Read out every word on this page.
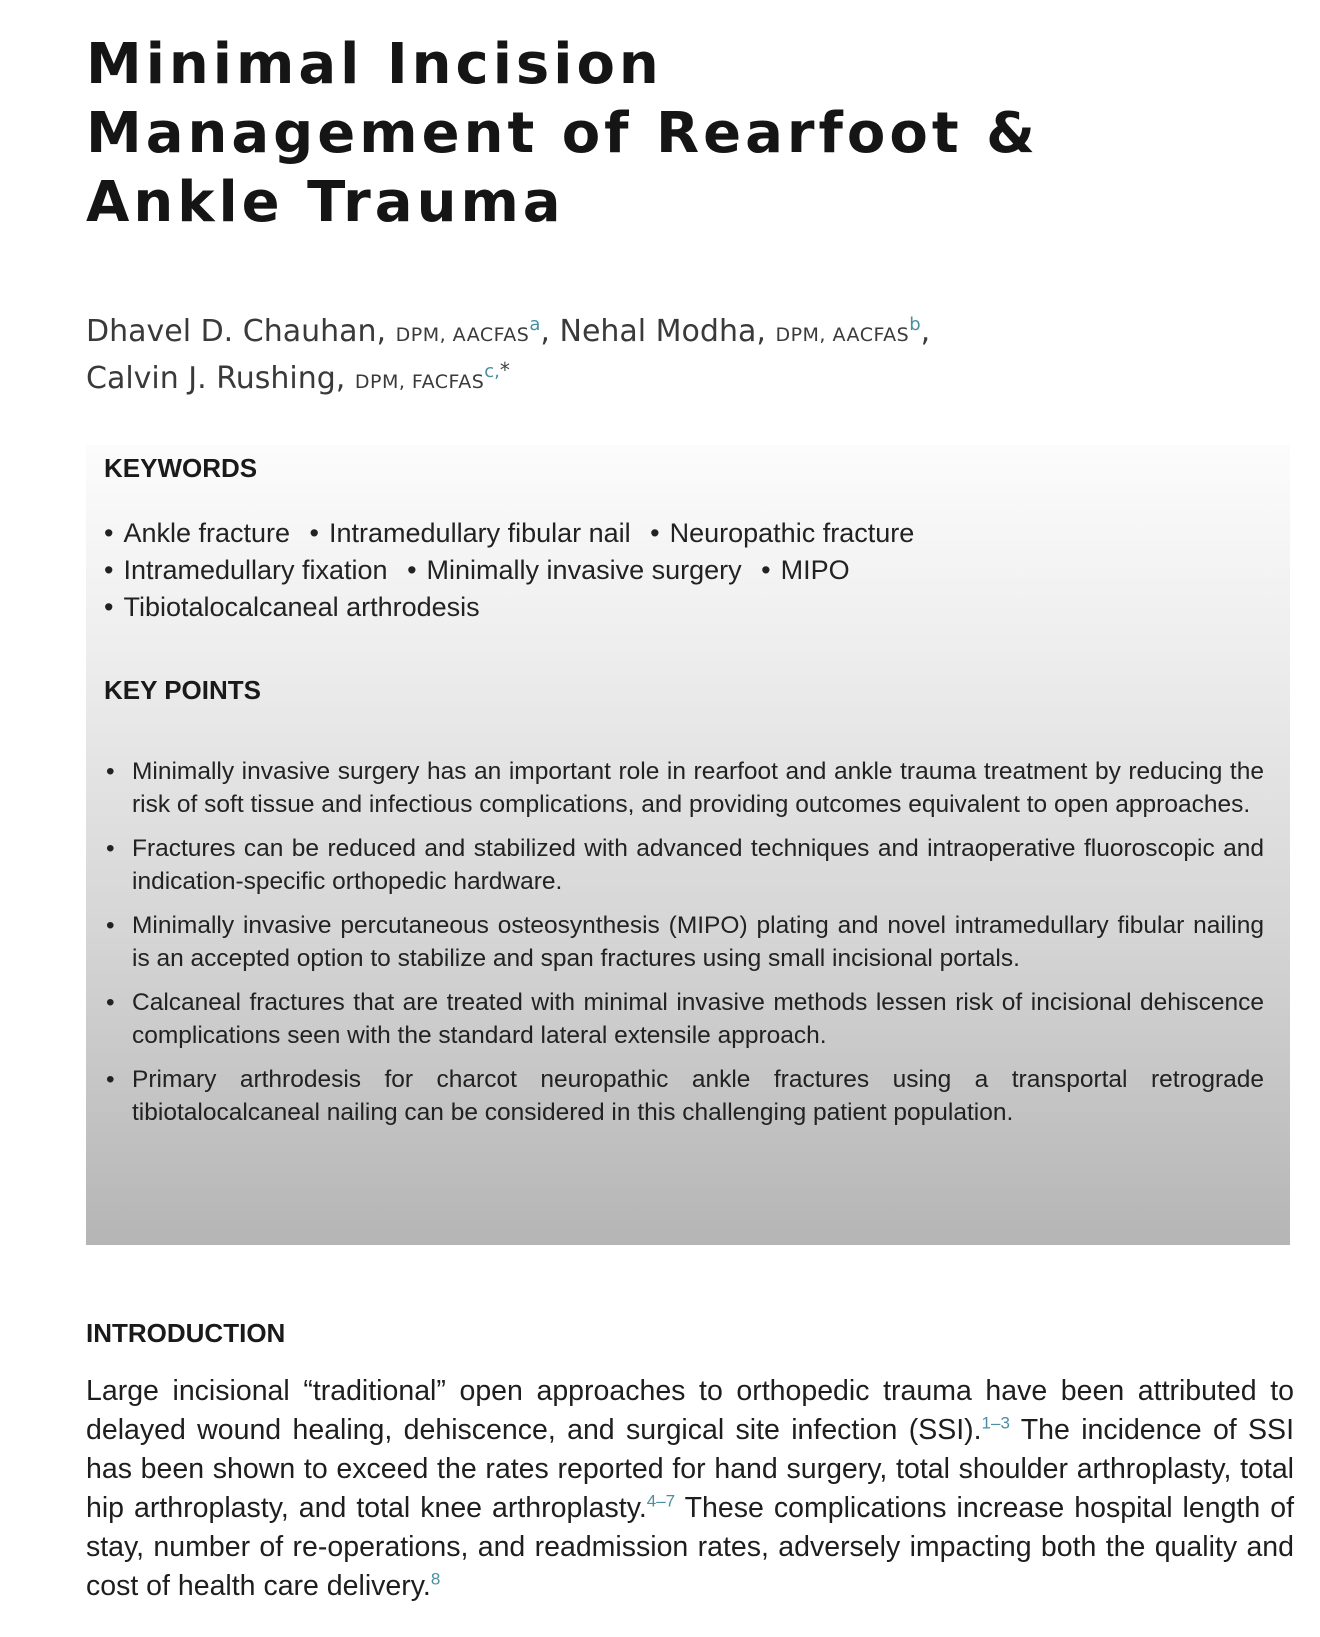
Minimal Incision
Management of Rearfoot &
Ankle Trauma
Dhavel D. Chauhan, DPM, AACFAS$^a$, Nehal Modha, DPM, AACFAS$^b$,
Calvin J. Rushing, DPM, FACFAS$^{c,*}$
KEYWORDS
• Ankle fracture • Intramedullary fibular nail • Neuropathic fracture
• Intramedullary fixation • Minimally invasive surgery • MIPO
• Tibiotalocalcaneal arthrodesis
KEY POINTS
• Minimally invasive surgery has an important role in rearfoot and ankle trauma treatment by reducing the risk of soft tissue and infectious complications, and providing outcomes equivalent to open approaches.
• Fractures can be reduced and stabilized with advanced techniques and intraoperative fluoroscopic and indication-specific orthopedic hardware.
• Minimally invasive percutaneous osteosynthesis (MIPO) plating and novel intramedullary fibular nailing is an accepted option to stabilize and span fractures using small incisional portals.
• Calcaneal fractures that are treated with minimal invasive methods lessen risk of incisional dehiscence complications seen with the standard lateral extensile approach.
• Primary arthrodesis for charcot neuropathic ankle fractures using a transportal retrograde tibiotalocalcaneal nailing can be considered in this challenging patient population.
INTRODUCTION
Large incisional “traditional” open approaches to orthopedic trauma have been attributed to delayed wound healing, dehiscence, and surgical site infection (SSI).$^{1-3}$ The incidence of SSI has been shown to exceed the rates reported for hand surgery, total shoulder arthroplasty, total hip arthroplasty, and total knee arthroplasty.$^{4-7}$ These complications increase hospital length of stay, number of re-operations, and readmission rates, adversely impacting both the quality and cost of health care delivery.$^8$
